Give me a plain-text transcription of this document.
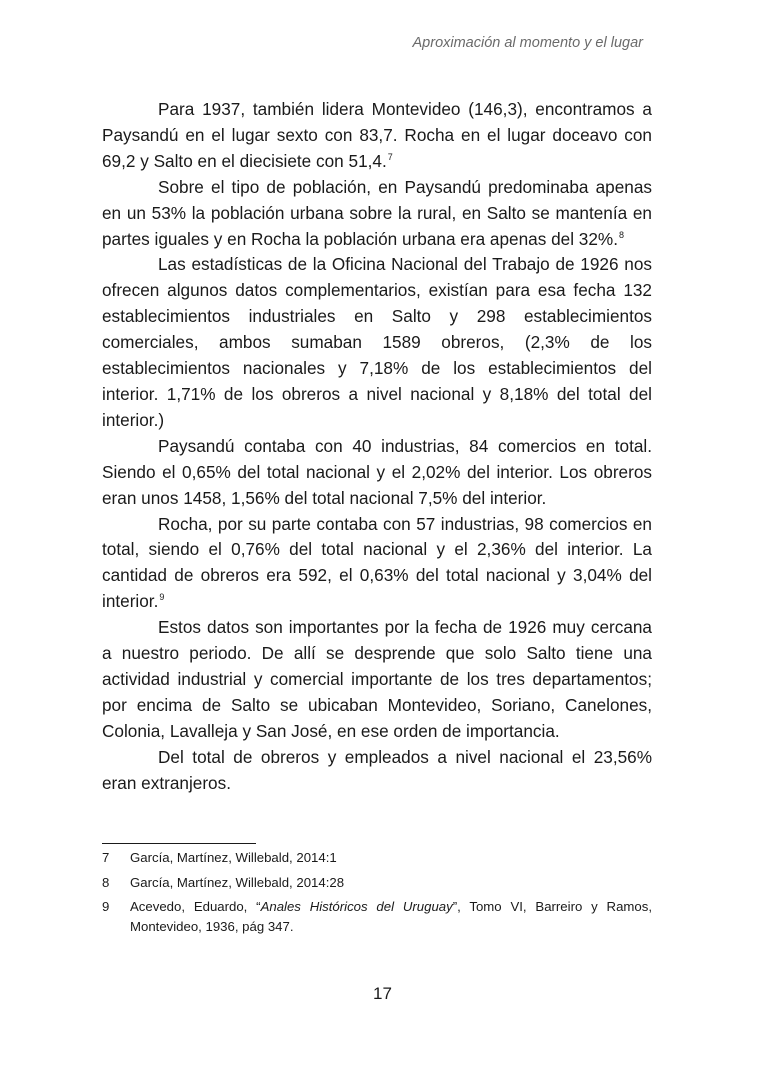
Aproximación al momento y el lugar

Para 1937, también lidera Montevideo (146,3), encontramos a Paysandú en el lugar sexto con 83,7. Rocha en el lugar doceavo con 69,2 y Salto en el diecisiete con 51,4.$^7$

Sobre el tipo de población, en Paysandú predominaba apenas en un 53% la población urbana sobre la rural, en Salto se mantenía en partes iguales y en Rocha la población urbana era apenas del 32%.$^8$

Las estadísticas de la Oficina Nacional del Trabajo de 1926 nos ofrecen algunos datos complementarios, existían para esa fecha 132 establecimientos industriales en Salto y 298 establecimientos comerciales, ambos sumaban 1589 obreros, (2,3% de los establecimientos nacionales y 7,18% de los establecimientos del interior. 1,71% de los obreros a nivel nacional y 8,18% del total del interior.)

Paysandú contaba con 40 industrias, 84 comercios en total. Siendo el 0,65% del total nacional y el 2,02% del interior. Los obreros eran unos 1458, 1,56% del total nacional 7,5% del interior.

Rocha, por su parte contaba con 57 industrias, 98 comercios en total, siendo el 0,76% del total nacional y el 2,36% del interior. La cantidad de obreros era 592, el 0,63% del total nacional y 3,04% del interior.$^9$

Estos datos son importantes por la fecha de 1926 muy cercana a nuestro periodo. De allí se desprende que solo Salto tiene una actividad industrial y comercial importante de los tres departamentos; por encima de Salto se ubicaban Montevideo, Soriano, Canelones, Colonia, Lavalleja y San José, en ese orden de importancia.

Del total de obreros y empleados a nivel nacional el 23,56% eran extranjeros.

7	García, Martínez, Willebald, 2014:1
8	García, Martínez, Willebald, 2014:28
9	Acevedo, Eduardo, “Anales Históricos del Uruguay”, Tomo VI, Barreiro y Ramos, Montevideo, 1936, pág 347.
17
